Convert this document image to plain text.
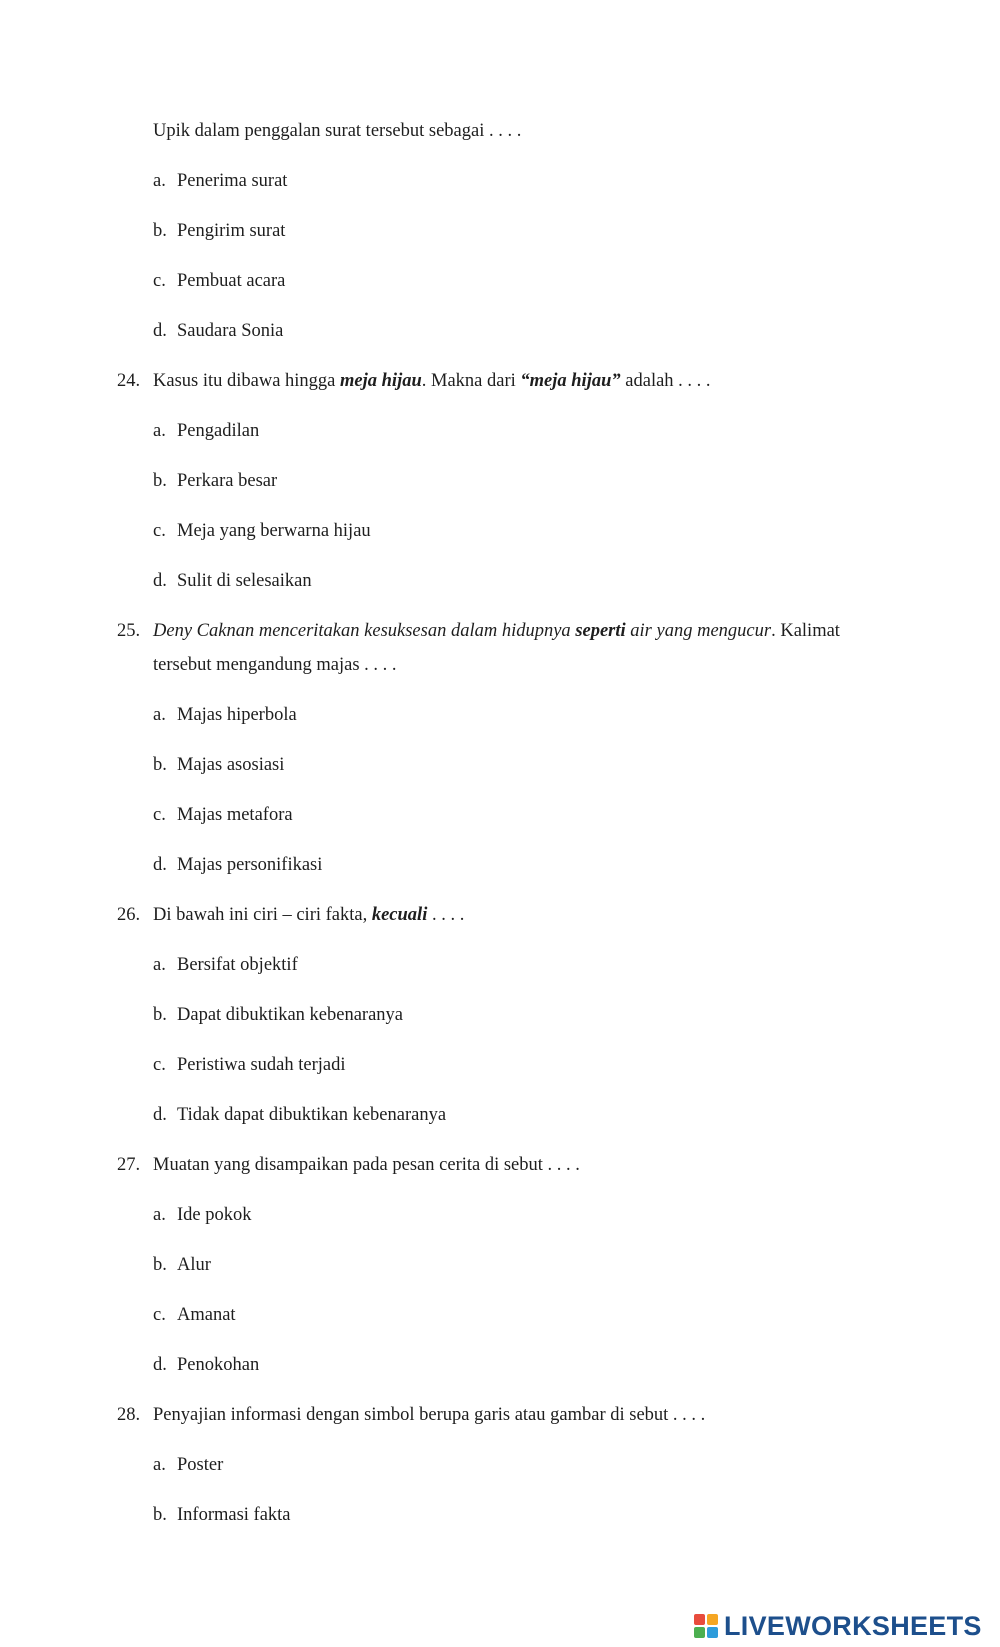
Upik dalam penggalan surat tersebut sebagai . . . .
a. Penerima surat
b. Pengirim surat
c. Pembuat acara
d. Saudara Sonia
24. Kasus itu dibawa hingga meja hijau. Makna dari “meja hijau” adalah . . . .
a. Pengadilan
b. Perkara besar
c. Meja yang berwarna hijau
d. Sulit di selesaikan
25. Deny Caknan menceritakan kesuksesan dalam hidupnya seperti air yang mengucur. Kalimat
tersebut mengandung majas . . . .
a. Majas hiperbola
b. Majas asosiasi
c. Majas metafora
d. Majas personifikasi
26. Di bawah ini ciri – ciri fakta, kecuali . . . .
a. Bersifat objektif
b. Dapat dibuktikan kebenaranya
c. Peristiwa sudah terjadi
d. Tidak dapat dibuktikan kebenaranya
27. Muatan yang disampaikan pada pesan cerita di sebut . . . .
a. Ide pokok
b. Alur
c. Amanat
d. Penokohan
28. Penyajian informasi dengan simbol berupa garis atau gambar di sebut . . . .
a. Poster
b. Informasi fakta
LIVEWORKSHEETS
